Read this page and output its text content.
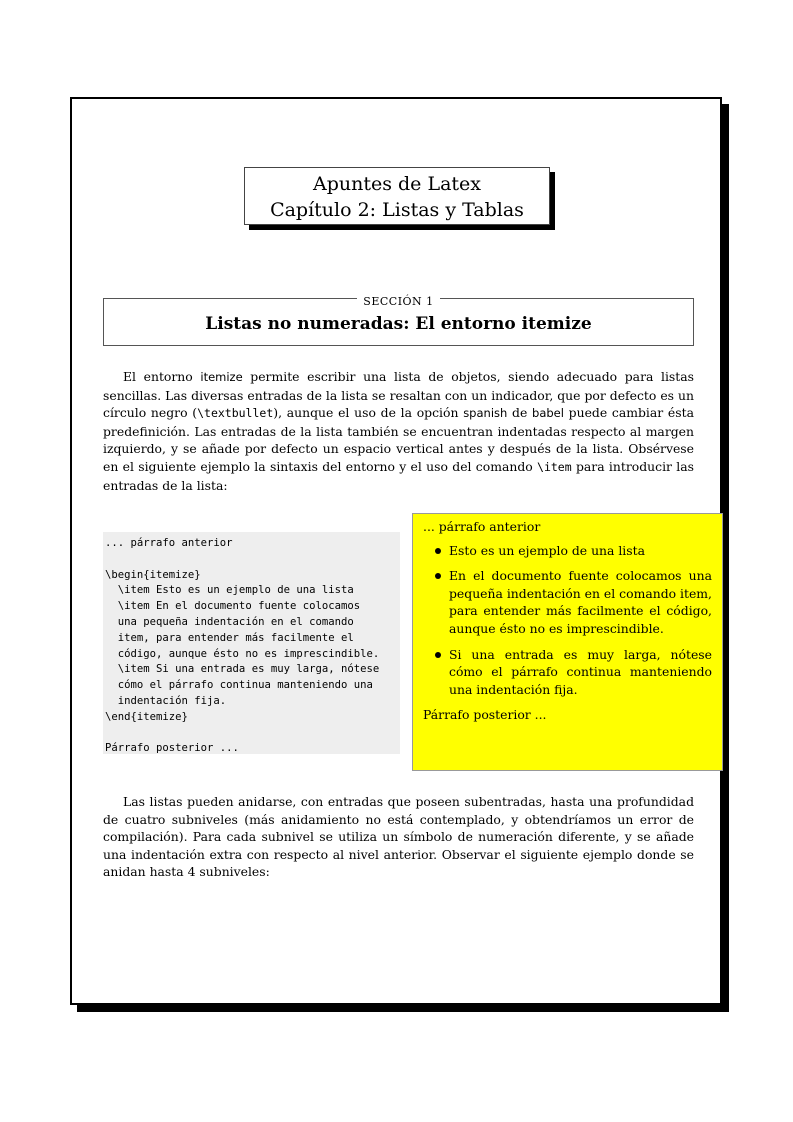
Apuntes de Latex
Capítulo 2: Listas y Tablas
SECCIÓN 1
Listas no numeradas: El entorno itemize

El entorno itemize permite escribir una lista de objetos, siendo adecuado para listas sencillas. Las diversas entradas de la lista se resaltan con un indicador, que por defecto es un círculo negro (\textbullet), aunque el uso de la opción spanish de babel puede cambiar ésta predefinición. Las entradas de la lista también se encuentran indentadas respecto al margen izquierdo, y se añade por defecto un espacio vertical antes y después de la lista. Obsérvese en el siguiente ejemplo la sintaxis del entorno y el uso del comando \item para introducir las entradas de la lista:

... párrafo anterior

\begin{itemize}
\item Esto es un ejemplo de una lista
\item En el documento fuente colocamos
una pequeña indentación en el comando
item, para entender más facilmente el
código, aunque ésto no es imprescindible.
\item Si una entrada es muy larga, nótese
cómo el párrafo continua manteniendo una
indentación fija.
\end{itemize}

Párrafo posterior ...

... párrafo anterior

Esto es un ejemplo de una lista
En el documento fuente colocamos una pequeña indentación en el comando item, para entender más facilmente el código, aunque ésto no es imprescindible.
Si una entrada es muy larga, nótese cómo el párrafo continua manteniendo una indentación fija.

Párrafo posterior ...

Las listas pueden anidarse, con entradas que poseen subentradas, hasta una profundidad de cuatro subniveles (más anidamiento no está contemplado, y obtendríamos un error de compilación). Para cada subnivel se utiliza un símbolo de numeración diferente, y se añade una indentación extra con respecto al nivel anterior. Observar el siguiente ejemplo donde se anidan hasta 4 subniveles:
